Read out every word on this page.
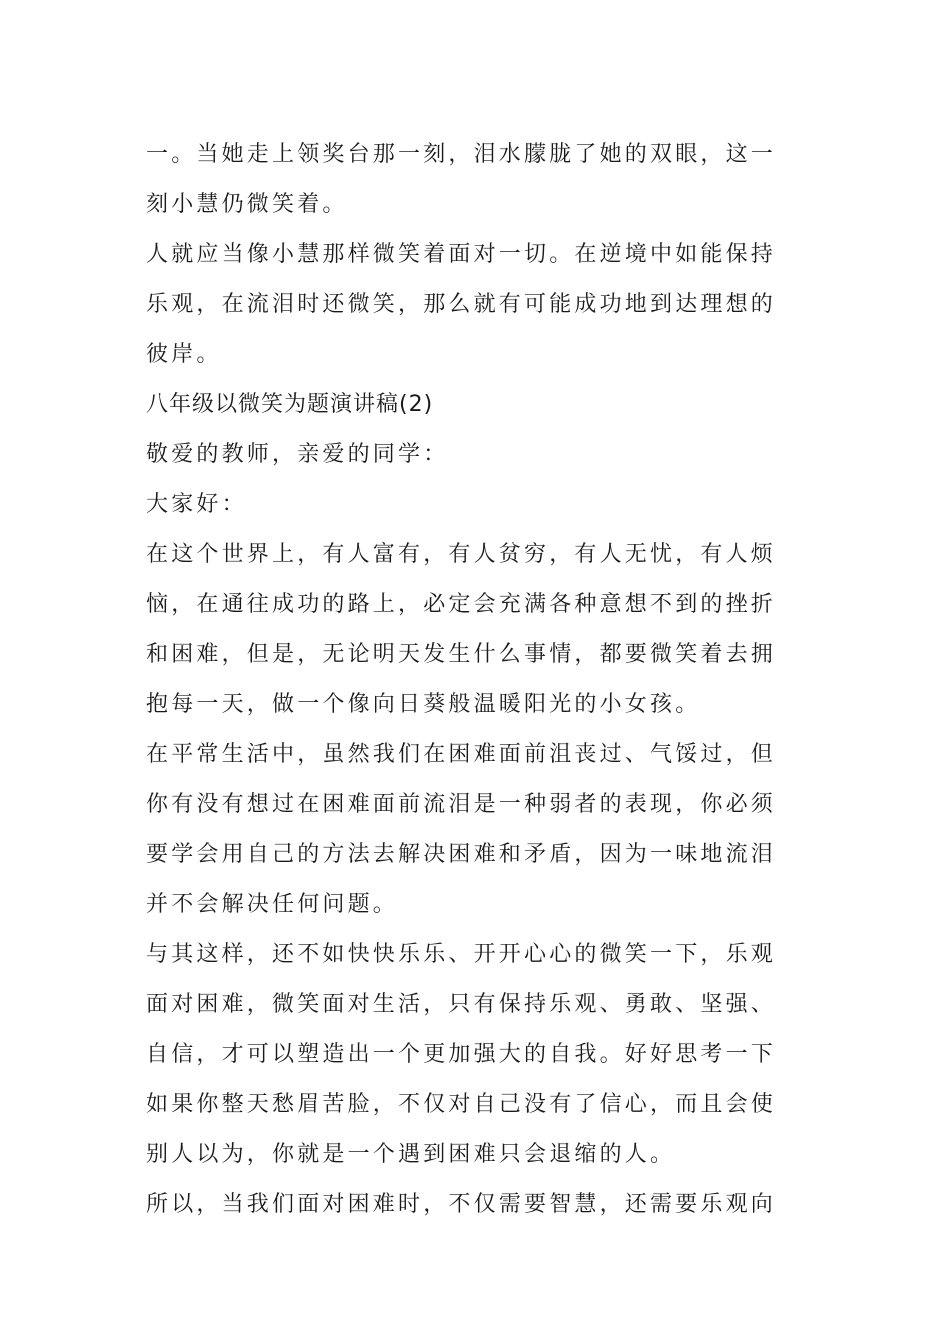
一。当她走上领奖台那一刻，泪水朦胧了她的双眼，这一
刻小慧仍微笑着。
人就应当像小慧那样微笑着面对一切。在逆境中如能保持
乐观，在流泪时还微笑，那么就有可能成功地到达理想的
彼岸。
八年级以微笑为题演讲稿(2)
敬爱的教师，亲爱的同学：
大家好：
在这个世界上，有人富有，有人贫穷，有人无忧，有人烦
恼，在通往成功的路上，必定会充满各种意想不到的挫折
和困难，但是，无论明天发生什么事情，都要微笑着去拥
抱每一天，做一个像向日葵般温暖阳光的小女孩。
在平常生活中，虽然我们在困难面前沮丧过、气馁过，但
你有没有想过在困难面前流泪是一种弱者的表现，你必须
要学会用自己的方法去解决困难和矛盾，因为一味地流泪
并不会解决任何问题。
与其这样，还不如快快乐乐、开开心心的微笑一下，乐观
面对困难，微笑面对生活，只有保持乐观、勇敢、坚强、
自信，才可以塑造出一个更加强大的自我。好好思考一下
如果你整天愁眉苦脸，不仅对自己没有了信心，而且会使
别人以为，你就是一个遇到困难只会退缩的人。
所以，当我们面对困难时，不仅需要智慧，还需要乐观向
